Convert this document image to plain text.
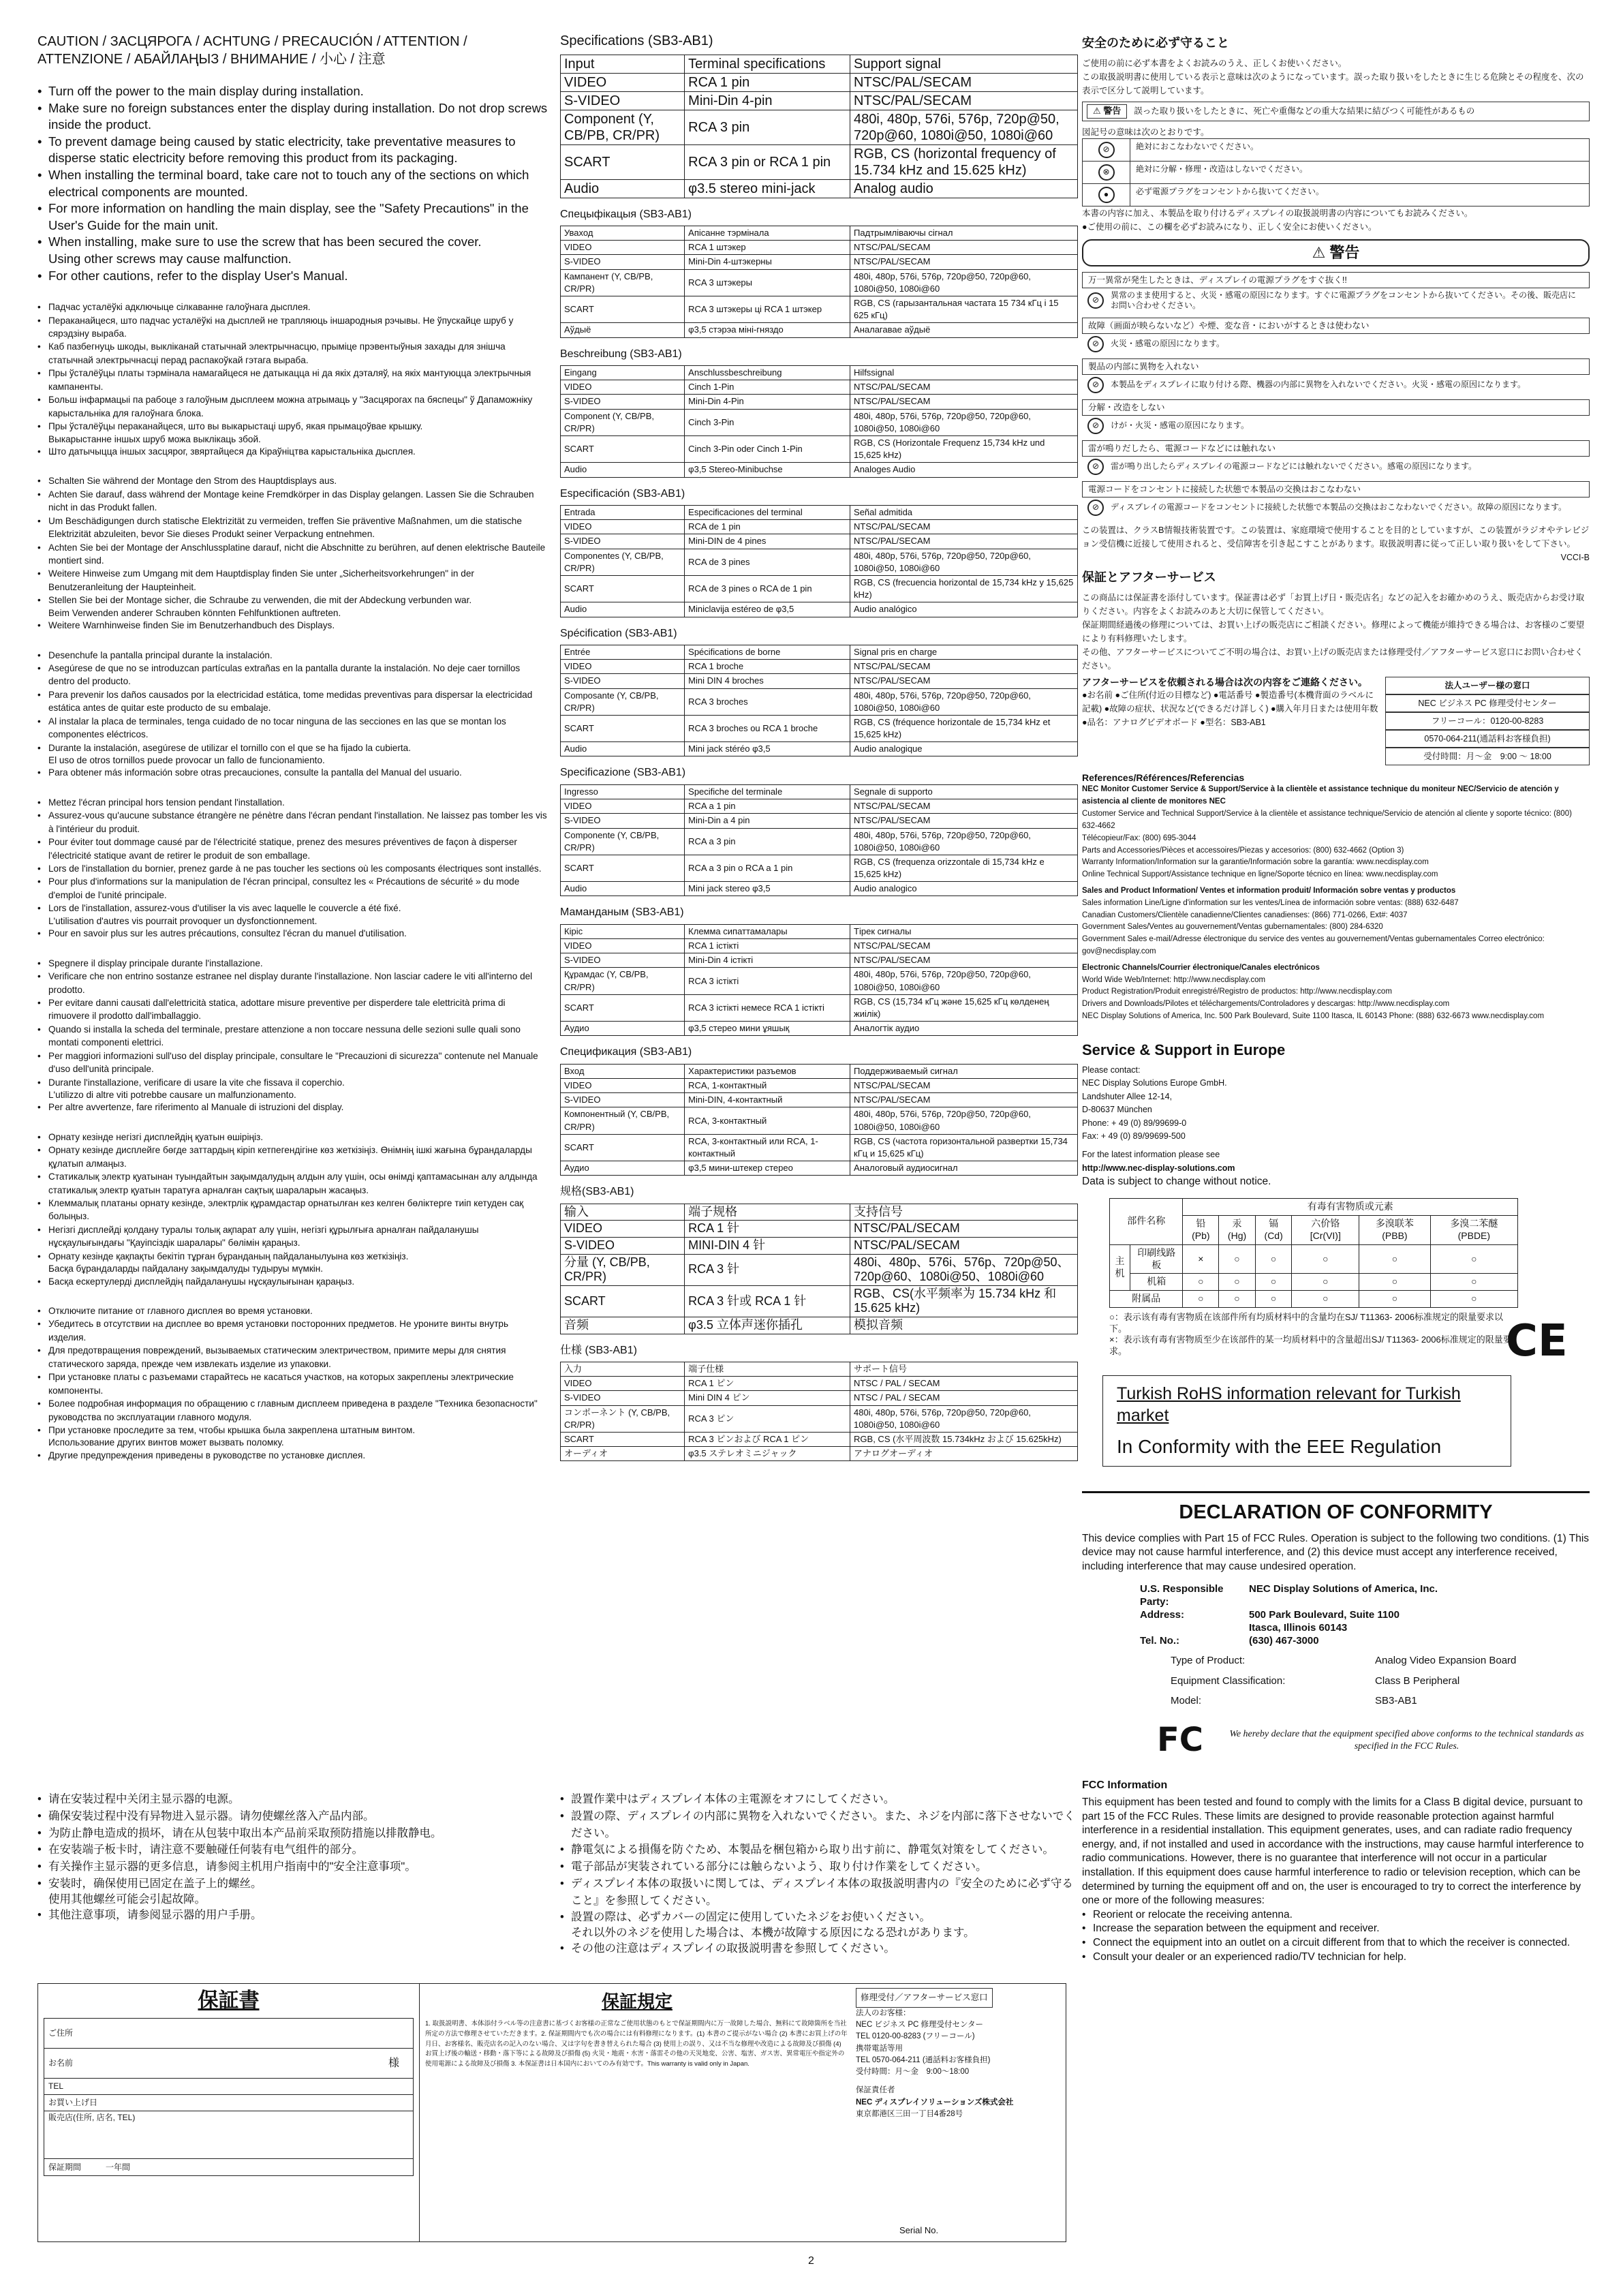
CAUTION / ЗАСЦЯРОГА / ACHTUNG / PRECAUCIÓN / ATTENTION / ATTENZIONE / АБАЙЛАҢЫЗ / ВНИМАНИЕ / 小心 / 注意
• Turn off the power to the main display during installation.
• Make sure no foreign substances enter the display during installation. Do not drop screws inside the product.
• To prevent damage being caused by static electricity, take preventative measures to disperse static electricity before removing this product from its packaging.
• When installing the terminal board, take care not to touch any of the sections on which electrical components are mounted.
• For more information on handling the main display, see the "Safety Precautions" in the User's Guide for the main unit.
• When installing, make sure to use the screw that has been secured the cover.
Using other screws may cause malfunction.
• For other cautions, refer to the display User's Manual.
• Падчас усталёўкі адключыце сілкаванне галоўнага дысплея.
• Пераканайцеся, што падчас усталёўкі на дысплей не трапляюць іншародныя рэчывы. Не ўпускайце шруб у сярэдзіну вырабa.
• Каб пазбегнуць шкоды, выкліканай статычнай электрычнасцю, прыміце прэвентыўныя захады для знішча статычнай электрычнасці перад распакоўкай гэтага вырабa.
• Пры ўсталёўцы платы тэрмінала намагайцеся не датыкацца ні да якіх дэталяў, на якіх мантуюцца электрычныя кампаненты.
• Больш інфармацыі па рабоце з галоўным дысплеем можна атрымаць у "Засцярогах па бяспецы" ў Дапаможніку карыстальніка для галоўнага блока.
• Пры ўсталёўцы пераканайцеся, што вы выкарыстаці шруб, якая прымацоўвае крышку.
Выкарыстанне іншых шруб можа выклікаць збой.
• Што датычыцца іншых засцярог, звяртайцеся да Кіраўніцтва карыстальніка дысплея.
• Schalten Sie während der Montage den Strom des Hauptdisplays aus.
• Achten Sie darauf, dass während der Montage keine Fremdkörper in das Display gelangen. Lassen Sie die Schrauben nicht in das Produkt fallen.
• Um Beschädigungen durch statische Elektrizität zu vermeiden, treffen Sie präventive Maßnahmen, um die statische Elektrizität abzuleiten, bevor Sie dieses Produkt seiner Verpackung entnehmen.
• Achten Sie bei der Montage der Anschlussplatine darauf, nicht die Abschnitte zu berühren, auf denen elektrische Bauteile montiert sind.
• Weitere Hinweise zum Umgang mit dem Hauptdisplay finden Sie unter „Sicherheitsvorkehrungen" in der Benutzeranleitung der Haupteinheit.
• Stellen Sie bei der Montage sicher, die Schraube zu verwenden, die mit der Abdeckung verbunden war.
Beim Verwenden anderer Schrauben könnten Fehlfunktionen auftreten.
• Weitere Warnhinweise finden Sie im Benutzerhandbuch des Displays.
• Desenchufe la pantalla principal durante la instalación.
• Asegúrese de que no se introduzcan partículas extrañas en la pantalla durante la instalación. No deje caer tornillos dentro del producto.
• Para prevenir los daños causados por la electricidad estática, tome medidas preventivas para dispersar la electricidad estática antes de quitar este producto de su embalaje.
• Al instalar la placa de terminales, tenga cuidado de no tocar ninguna de las secciones en las que se montan los componentes eléctricos.
• Durante la instalación, asegúrese de utilizar el tornillo con el que se ha fijado la cubierta.
El uso de otros tornillos puede provocar un fallo de funcionamiento.
• Para obtener más información sobre otras precauciones, consulte la pantalla del Manual del usuario.
• Mettez l'écran principal hors tension pendant l'installation.
• Assurez-vous qu'aucune substance étrangère ne pénètre dans l'écran pendant l'installation. Ne laissez pas tomber les vis à l'intérieur du produit.
• Pour éviter tout dommage causé par de l'électricité statique, prenez des mesures préventives de façon à disperser l'électricité statique avant de retirer le produit de son emballage.
• Lors de l'installation du bornier, prenez garde à ne pas toucher les sections où les composants électriques sont installés.
• Pour plus d'informations sur la manipulation de l'écran principal, consultez les « Précautions de sécurité » du mode d'emploi de l'unité principale.
• Lors de l'installation, assurez-vous d'utiliser la vis avec laquelle le couvercle a été fixé.
L'utilisation d'autres vis pourrait provoquer un dysfonctionnement.
• Pour en savoir plus sur les autres précautions, consultez l'écran du manuel d'utilisation.
• Spegnere il display principale durante l'installazione.
• Verificare che non entrino sostanze estranee nel display durante l'installazione. Non lasciar cadere le viti all'interno del prodotto.
• Per evitare danni causati dall'elettricità statica, adottare misure preventive per disperdere tale elettricità prima di rimuovere il prodotto dall'imballaggio.
• Quando si installa la scheda del terminale, prestare attenzione a non toccare nessuna delle sezioni sulle quali sono montati componenti elettrici.
• Per maggiori informazioni sull'uso del display principale, consultare le "Precauzioni di sicurezza" contenute nel Manuale d'uso dell'unità principale.
• Durante l'installazione, verificare di usare la vite che fissava il coperchio.
L'utilizzo di altre viti potrebbe causare un malfunzionamento.
• Per altre avvertenze, fare riferimento al Manuale di istruzioni del display.
• Орнату кезінде негізгі дисплейдің қуатын өшіріңіз.
• Орнату кезінде дисплейге бөгде заттардың кіріп кетпегендігіне көз жеткізіңіз. Өнімнің ішкі жағына бұрандаларды құлатып алмаңыз.
• Статикалық электр қуатынан туындайтын зақымдалудың алдын алу үшін, осы өнімді қаптамасынан алу алдында статикалық электр қуатын таратуға арналған сақтық шараларын жасаңыз.
• Клеммалық платаны орнату кезінде, электрлік құрамдастар орнатылған кез келген бөліктерге тиіп кетуден сақ болыңыз.
• Негізгі дисплейді қолдану туралы толық ақпарат алу үшін, негізгі құрылғыға арналған пайдаланушы нұсқаулығындағы "Қауіпсіздік шаралары" бөлімін қараңыз.
• Орнату кезінде қақпақты бекітіп тұрған бұранданың пайдаланылуына көз жеткізіңіз.
Басқа бұрандаларды пайдалану зақымдалуды тудыруы мүмкін.
• Басқа ескертулерді дисплейдің пайдаланушы нұсқаулығынан қараңыз.
• Отключите питание от главного дисплея во время установки.
• Убедитесь в отсутствии на дисплее во время установки посторонних предметов. Не уроните винты внутрь изделия.
• Для предотвращения повреждений, вызываемых статическим электричеством, примите меры для снятия статического заряда, прежде чем извлекать изделие из упаковки.
• При установке платы с разъемами старайтесь не касаться участков, на которых закреплены электрические компоненты.
• Более подробная информация по обращению с главным дисплеем приведена в разделе "Техника безопасности" руководства по эксплуатации главного модуля.
• При установке проследите за тем, чтобы крышка была закреплена штатным винтом.
Использование других винтов может вызвать поломку.
• Другие предупреждения приведены в руководстве по установке дисплея.
Specifications (SB3-AB1)
Input	Terminal specifications	Support signal
VIDEO	RCA 1 pin	NTSC/PAL/SECAM
S-VIDEO	Mini-Din 4-pin	NTSC/PAL/SECAM
Component (Y, CB/PB, CR/PR)	RCA 3 pin	480i, 480p, 576i, 576p, 720p@50, 720p@60, 1080i@50, 1080i@60
SCART	RCA 3 pin or RCA 1 pin	RGB, CS (horizontal frequency of 15.734 kHz and 15.625 kHz)
Audio	φ3.5 stereo mini-jack	Analog audio
Спецыфікацыя (SB3-AB1)
Уваход	Апісанне тэрмінала	Падтрымліваючы сігнал
VIDEO	RCA 1 штэкер	NTSC/PAL/SECAM
S-VIDEO	Mini-Din 4-штэкерны	NTSC/PAL/SECAM
Кампанент (Y, CB/PB, CR/PR)	RCA 3 штэкеры	480i, 480p, 576i, 576p, 720p@50, 720p@60, 1080i@50, 1080i@60
SCART	RCA 3 штэкеры ці RCA 1 штэкер	RGB, CS (гарызантальная частата 15 734 кГц і 15 625 кГц)
Аўдыё	φ3,5 стэрэа міні-гняздо	Аналагавае аўдыё
Beschreibung (SB3-AB1)
Eingang	Anschlussbeschreibung	Hilfssignal
VIDEO	Cinch 1-Pin	NTSC/PAL/SECAM
S-VIDEO	Mini-Din 4-Pin	NTSC/PAL/SECAM
Component (Y, CB/PB, CR/PR)	Cinch 3-Pin	480i, 480p, 576i, 576p, 720p@50, 720p@60, 1080i@50, 1080i@60
SCART	Cinch 3-Pin oder Cinch 1-Pin	RGB, CS (Horizontale Frequenz 15,734 kHz und 15,625 kHz)
Audio	φ3,5 Stereo-Minibuchse	Analoges Audio
Especificación (SB3-AB1)
Entrada	Especificaciones del terminal	Señal admitida
VIDEO	RCA de 1 pin	NTSC/PAL/SECAM
S-VIDEO	Mini-DIN de 4 pines	NTSC/PAL/SECAM
Componentes (Y, CB/PB, CR/PR)	RCA de 3 pines	480i, 480p, 576i, 576p, 720p@50, 720p@60, 1080i@50, 1080i@60
SCART	RCA de 3 pines o RCA de 1 pin	RGB, CS (frecuencia horizontal de 15,734 kHz y 15,625 kHz)
Audio	Miniclavija estéreo de φ3,5	Audio analógico
Spécification (SB3-AB1)
Entrée	Spécifications de borne	Signal pris en charge
VIDEO	RCA 1 broche	NTSC/PAL/SECAM
S-VIDEO	Mini DIN 4 broches	NTSC/PAL/SECAM
Composante (Y, CB/PB, CR/PR)	RCA 3 broches	480i, 480p, 576i, 576p, 720p@50, 720p@60, 1080i@50, 1080i@60
SCART	RCA 3 broches ou RCA 1 broche	RGB, CS (fréquence horizontale de 15,734 kHz et 15,625 kHz)
Audio	Mini jack stéréo φ3,5	Audio analogique
Specificazione (SB3-AB1)
Ingresso	Specifiche del terminale	Segnale di supporto
VIDEO	RCA a 1 pin	NTSC/PAL/SECAM
S-VIDEO	Mini-Din a 4 pin	NTSC/PAL/SECAM
Componente (Y, CB/PB, CR/PR)	RCA a 3 pin	480i, 480p, 576i, 576p, 720p@50, 720p@60, 1080i@50, 1080i@60
SCART	RCA a 3 pin o RCA a 1 pin	RGB, CS (frequenza orizzontale di 15,734 kHz e 15,625 kHz)
Audio	Mini jack stereo φ3,5	Audio analogico
Маманданым (SB3-AB1)
Кіріс	Клемма сипаттамалары	Тірек сигналы
VIDEO	RCA 1 істікті	NTSC/PAL/SECAM
S-VIDEO	Mini-Din 4 істікті	NTSC/PAL/SECAM
Құрамдас (Y, CB/PB, CR/PR)	RCA 3 істікті	480i, 480p, 576i, 576p, 720p@50, 720p@60, 1080i@50, 1080i@60
SCART	RCA 3 істікті немесе RCA 1 істікті	RGB, CS (15,734 кГц және 15,625 кГц көлденең жиілік)
Аудио	φ3,5 стерео мини ұяшық	Аналогтік аудио
Спецификация (SB3-AB1)
Вход	Характеристики разъемов	Поддерживаемый сигнал
VIDEO	RCA, 1-контактный	NTSC/PAL/SECAM
S-VIDEO	Mini-DIN, 4-контактный	NTSC/PAL/SECAM
Компонентный (Y, CB/PB, CR/PR)	RCA, 3-контактный	480i, 480p, 576i, 576p, 720p@50, 720p@60, 1080i@50, 1080i@60
SCART	RCA, 3-контактный или RCA, 1-контактный	RGB, CS (частота горизонтальной развертки 15,734 кГц и 15,625 кГц)
Аудио	φ3,5 мини-штекер стерео	Аналоговый аудиосигнал
规格(SB3-AB1)
输入	端子规格	支持信号
VIDEO	RCA 1 针	NTSC/PAL/SECAM
S-VIDEO	MINI-DIN 4 针	NTSC/PAL/SECAM
分量 (Y, CB/PB, CR/PR)	RCA 3 针	480i、480p、576i、576p、720p@50、720p@60、1080i@50、1080i@60
SCART	RCA 3 针或 RCA 1 针	RGB、CS(水平频率为 15.734 kHz 和 15.625 kHz)
音频	φ3.5 立体声迷你插孔	模拟音频
仕様 (SB3-AB1)
入力	端子仕様	サポート信号
VIDEO	RCA 1 ピン	NTSC / PAL / SECAM
S-VIDEO	Mini DIN 4 ピン	NTSC / PAL / SECAM
コンポーネント (Y, CB/PB, CR/PR)	RCA 3 ピン	480i, 480p, 576i, 576p, 720p@50, 720p@60, 1080i@50, 1080i@60
SCART	RCA 3 ピンおよび RCA 1 ピン	RGB, CS (水平周波数 15.734kHz および 15.625kHz)
オーディオ	φ3.5 ステレオミニジャック	アナログオーディオ
安全のために必ず守ること
ご使用の前に必ず本書をよくお読みのうえ、正しくお使いください。
この取扱説明書に使用している表示と意味は次のようになっています。誤った取り扱いをしたときに生じる危険とその程度を、次の表示で区分して説明しています。
⚠ 警告	誤った取り扱いをしたときに、死亡や重傷などの重大な結果に結びつく可能性があるもの
図記号の意味は次のとおりです。
⊘	絶対におこなわないでください。
⊗	絶対に分解・修理・改造はしないでください。
●	必ず電源プラグをコンセントから抜いてください。
本書の内容に加え、本製品を取り付けるディスプレイの取扱説明書の内容についてもお読みください。
●ご使用の前に、この欄を必ずお読みになり、正しく安全にお使いください。
⚠ 警告
万一異常が発生したときは、ディスプレイの電源プラグをすぐ抜く!!
⊘
異常のまま使用すると、火災・感電の原因になります。すぐに電源プラグをコンセントから抜いてください。その後、販売店にお問い合わせください。
故障（画面が映らないなど）や煙、変な音・においがするときは使わない
⊘	火災・感電の原因になります。
製品の内部に異物を入れない
⊘	本製品をディスプレイに取り付ける際、機器の内部に異物を入れないでください。火災・感電の原因になります。
分解・改造をしない
⊘	けが・火災・感電の原因になります。
雷が鳴りだしたら、電源コードなどには触れない
⊘	雷が鳴り出したらディスプレイの電源コードなどには触れないでください。感電の原因になります。
電源コードをコンセントに接続した状態で本製品の交換はおこなわない
⊘	ディスプレイの電源コードをコンセントに接続した状態で本製品の交換はおこなわないでください。故障の原因になります。
この装置は、クラスB情報技術装置です。この装置は、家庭環境で使用することを目的としていますが、この装置がラジオやテレビジョン受信機に近接して使用されると、受信障害を引き起こすことがあります。取扱説明書に従って正しい取り扱いをして下さい。
VCCI-B
保証とアフターサービス
この商品には保証書を添付しています。保証書は必ず「お買上げ日・販売店名」などの記入をお確かめのうえ、販売店からお受け取りください。内容をよくお読みのあと大切に保管してください。
保証期間経過後の修理については、お買い上げの販売店にご相談ください。修理によって機能が維持できる場合は、お客様のご要望により有料修理いたします。
その他、アフターサービスについてご不明の場合は、お買い上げの販売店または修理受付／アフターサービス窓口にお問い合わせください。
アフターサービスを依頼される場合は次の内容をご連絡ください。
●お名前 ●ご住所(付近の目標など) ●電話番号 ●製造番号(本機背面のラベルに記載) ●故障の症状、状況など(できるだけ詳しく) ●購入年月日または使用年数 ●品名：アナログビデオボード ●型名：SB3-AB1
法人ユーザー様の窓口
NEC ビジネス PC 修理受付センター
フリーコール：0120-00-8283
0570-064-211(通話料お客様負担)
受付時間：月〜金　9:00 〜 18:00
References/Références/Referencias
NEC Monitor Customer Service & Support/Service à la clientèle et assistance technique du moniteur NEC/Servicio de atención y asistencia al cliente de monitores NEC
Customer Service and Technical Support/Service à la clientèle et assistance technique/Servicio de atención al cliente y soporte técnico: (800) 632-4662
Télécopieur/Fax: (800) 695-3044
Parts and Accessories/Pièces et accessoires/Piezas y accesorios: (800) 632-4662 (Option 3)
Warranty Information/Information sur la garantie/Información sobre la garantía: www.necdisplay.com
Online Technical Support/Assistance technique en ligne/Soporte técnico en línea: www.necdisplay.com
Sales and Product Information/ Ventes et information produit/ Información sobre ventas y productos
Sales information Line/Ligne d'information sur les ventes/Línea de información sobre ventas: (888) 632-6487
Canadian Customers/Clientèle canadienne/Clientes canadienses: (866) 771-0266, Ext#: 4037
Government Sales/Ventes au gouvernement/Ventas gubernamentales: (800) 284-6320
Government Sales e-mail/Adresse électronique du service des ventes au gouvernement/Ventas gubernamentales Correo electrónico: gov@necdisplay.com
Electronic Channels/Courrier électronique/Canales electrónicos
World Wide Web/Internet: http://www.necdisplay.com
Product Registration/Produit enregistré/Registro de productos: http://www.necdisplay.com
Drivers and Downloads/Pilotes et téléchargements/Controladores y descargas: http://www.necdisplay.com
NEC Display Solutions of America, Inc. 500 Park Boulevard, Suite 1100 Itasca, IL 60143 Phone: (888) 632-6673 www.necdisplay.com
Service & Support in Europe
Please contact:
NEC Display Solutions Europe GmbH.
Landshuter Allee 12-14,
D-80637 München
Phone: + 49 (0) 89/99699-0
Fax: + 49 (0) 89/99699-500
For the latest information please see
http://www.nec-display-solutions.com
Data is subject to change without notice.
CE
部件名称		有毒有害物质或元素					
		铅 (Pb)	汞 (Hg)	镉 (Cd)	六价铬 [Cr(VI)]	多溴联苯 (PBB)	多溴二苯醚 (PBDE)
主机	印刷线路板	×	○	○	○	○	○
	机箱	○	○	○	○	○	○
附属品		○	○	○	○	○	○
○：表示该有毒有害物质在该部件所有均质材料中的含量均在SJ/ T11363- 2006标准规定的限量要求以下。
×：表示该有毒有害物质至少在该部件的某一均质材料中的含量超出SJ/ T11363- 2006标准规定的限量要求。
Turkish RoHS information relevant for Turkish market
In Conformity with the EEE Regulation
DECLARATION OF CONFORMITY
This device complies with Part 15 of FCC Rules. Operation is subject to the following two conditions. (1) This device may not cause harmful interference, and (2) this device must accept any interference received, including interference that may cause undesired operation.
U.S. Responsible Party:
NEC Display Solutions of America, Inc.
Address:	500 Park Boulevard, Suite 1100
Itasca, Illinois 60143
Tel. No.:	(630) 467-3000
Type of Product:	Analog Video Expansion Board
Equipment Classification:	Class B Peripheral
Model:	SB3-AB1
FC	We hereby declare that the equipment specified above conforms to the technical standards as specified in the FCC Rules.
FCC Information
This equipment has been tested and found to comply with the limits for a Class B digital device, pursuant to part 15 of the FCC Rules. These limits are designed to provide reasonable protection against harmful interference in a residential installation. This equipment generates, uses, and can radiate radio frequency energy, and, if not installed and used in accordance with the instructions, may cause harmful interference to radio communications. However, there is no guarantee that interference will not occur in a particular installation. If this equipment does cause harmful interference to radio or television reception, which can be determined by turning the equipment off and on, the user is encouraged to try to correct the interference by one or more of the following measures:
• Reorient or relocate the receiving antenna.
• Increase the separation between the equipment and receiver.
• Connect the equipment into an outlet on a circuit different from that to which the receiver is connected.
• Consult your dealer or an experienced radio/TV technician for help.
• 请在安装过程中关闭主显示器的电源。
• 确保安装过程中没有异物进入显示器。请勿使螺丝落入产品内部。
• 为防止静电造成的损坏，请在从包装中取出本产品前采取预防措施以排散静电。
• 在安装端子板卡时，请注意不要触碰任何装有电气组件的部分。
• 有关操作主显示器的更多信息，请参阅主机用户指南中的"安全注意事项"。
• 安装时，确保使用已固定在盖子上的螺丝。
使用其他螺丝可能会引起故障。
• 其他注意事项，请参阅显示器的用户手册。
• 設置作業中はディスプレイ本体の主電源をオフにしてください。
• 設置の際、ディスプレイの内部に異物を入れないでください。また、ネジを内部に落下させないでください。
• 静電気による損傷を防ぐため、本製品を梱包箱から取り出す前に、静電気対策をしてください。
• 電子部品が実装されている部分には触らないよう、取り付け作業をしてください。
• ディスプレイ本体の取扱いに関しては、ディスプレイ本体の取扱説明書内の『安全のために必ず守ること』を参照してください。
• 設置の際は、必ずカバーの固定に使用していたネジをお使いください。
それ以外のネジを使用した場合は、本機が故障する原因になる恐れがあります。
• その他の注意はディスプレイの取扱説明書を参照してください。
保証書
ご住所
お名前	様
TEL
お買い上げ日
販売店(住所, 店名, TEL)
保証期間	一年間
保証規定
1. 取扱説明書、本体添付ラベル等の注意書に基づくお客様の正常なご使用状態のもとで保証期間内に万一故障した場合、無料にて故障箇所を当社所定の方法で修理させていただきます。2. 保証期間内でも次の場合には有料修理になります。(1) 本書のご提示がない場合 (2) 本書にお買上げの年月日、お客様名、販売店名の記入のない場合、又は字句を書き替えられた場合 (3) 使用上の誤り、又は不当な修理や改造による故障及び損傷 (4) お買上げ後の輸送・移動・落下等による故障及び損傷 (5) 火災・地震・水害・落雷その他の天災地変、公害、塩害、ガス害、異常電圧や指定外の使用電源による故障及び損傷 3. 本保証書は日本国内においてのみ有効です。This warranty is valid only in Japan.
修理受付／アフターサービス窓口
法人のお客様：
NEC ビジネス PC 修理受付センター
TEL 0120-00-8283 (フリーコール)
携帯電話等用
TEL 0570-064-211 (通話料お客様負担)
受付時間：月〜金　9:00〜18:00
保証責任者
NEC ディスプレイソリューションズ株式会社
東京都港区三田一丁目4番28号
Serial No.
2
